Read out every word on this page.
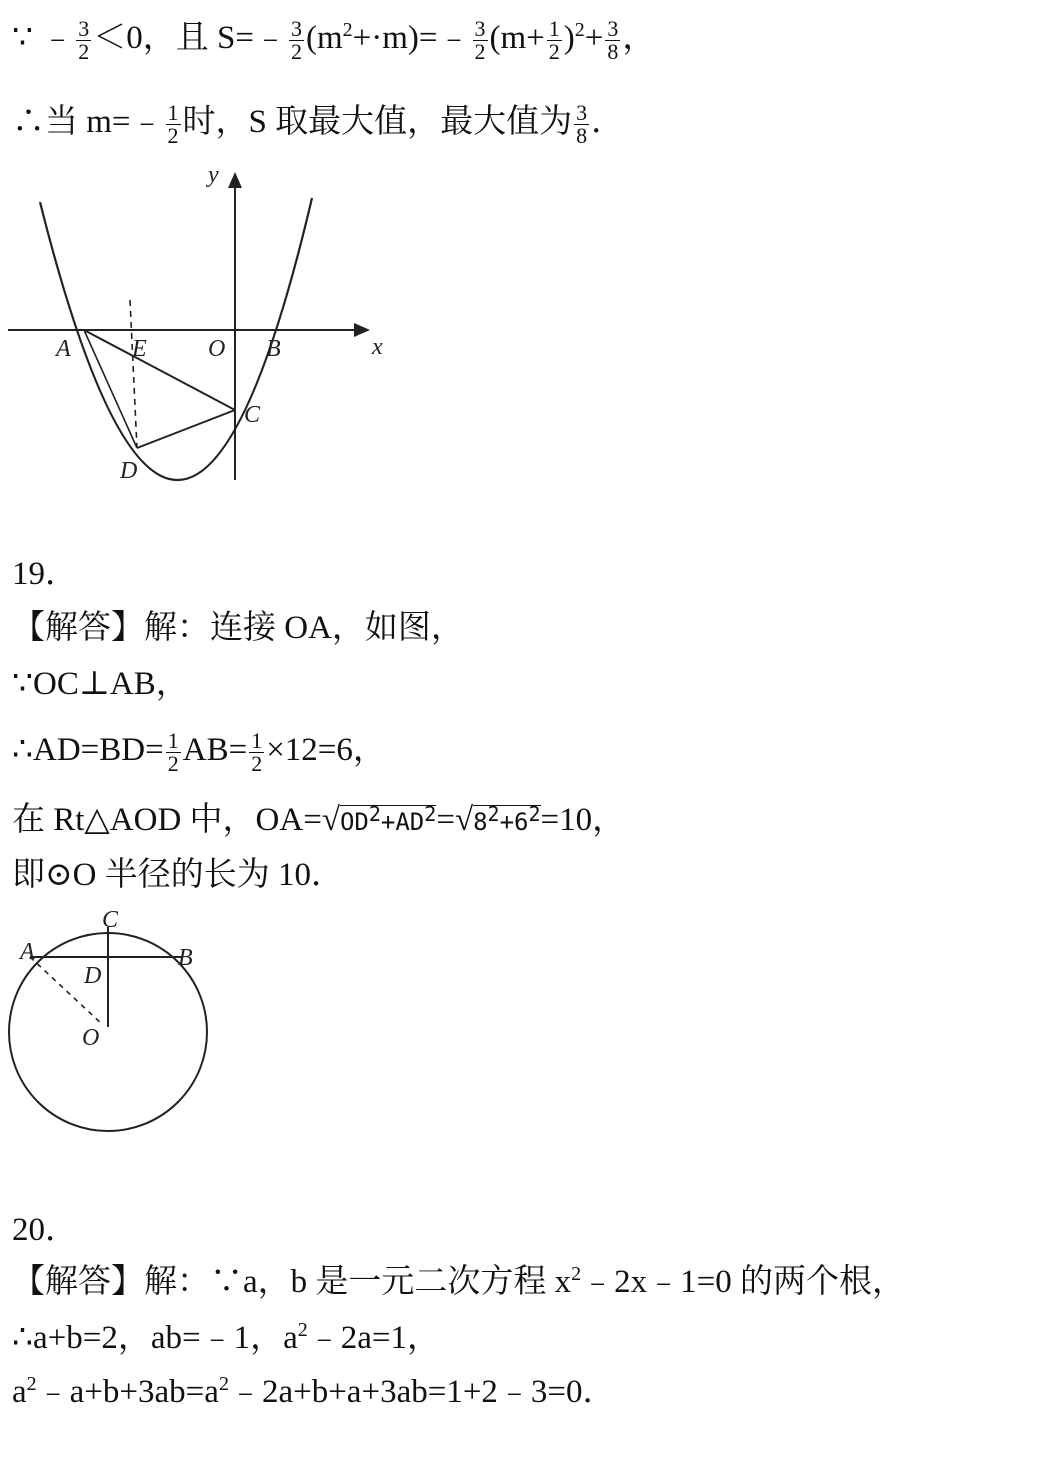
∵ ﹣ $\frac{3}{2} <0$，且 S=﹣ $\frac{3}{2}$ $(m^2+\cdot m)=﹣ \frac{3}{2} (m+ \frac{1}{2} )^2+ \frac{3}{8}$ ，
∴当 m=﹣ $\frac{1}{2}$ 时，S 取最大值，最大值为 $\frac{3}{8}$ ．
y
x
A	E	O B
C
D
19．
【解答】解：连接 OA，如图，
∵OC⊥AB，
∴AD=BD= $\frac{1}{2} AB= \frac{1}{2} \times 12=6$，
在 Rt△AOD 中，$OA=√OD^2+AD^2=√8^2+6^2=10$，
即⊙O 半径的长为 10．
C
A	B
D
O
20．
【解答】解：∵a，b 是一元二次方程 $x^2﹣2x﹣1=0$ 的两个根，
∴a+b=2，ab=﹣1，$a^2﹣2a=1$，
$a^2﹣a+b+3ab=a^2﹣2a+b+a+3ab=1+2﹣3=0$．
